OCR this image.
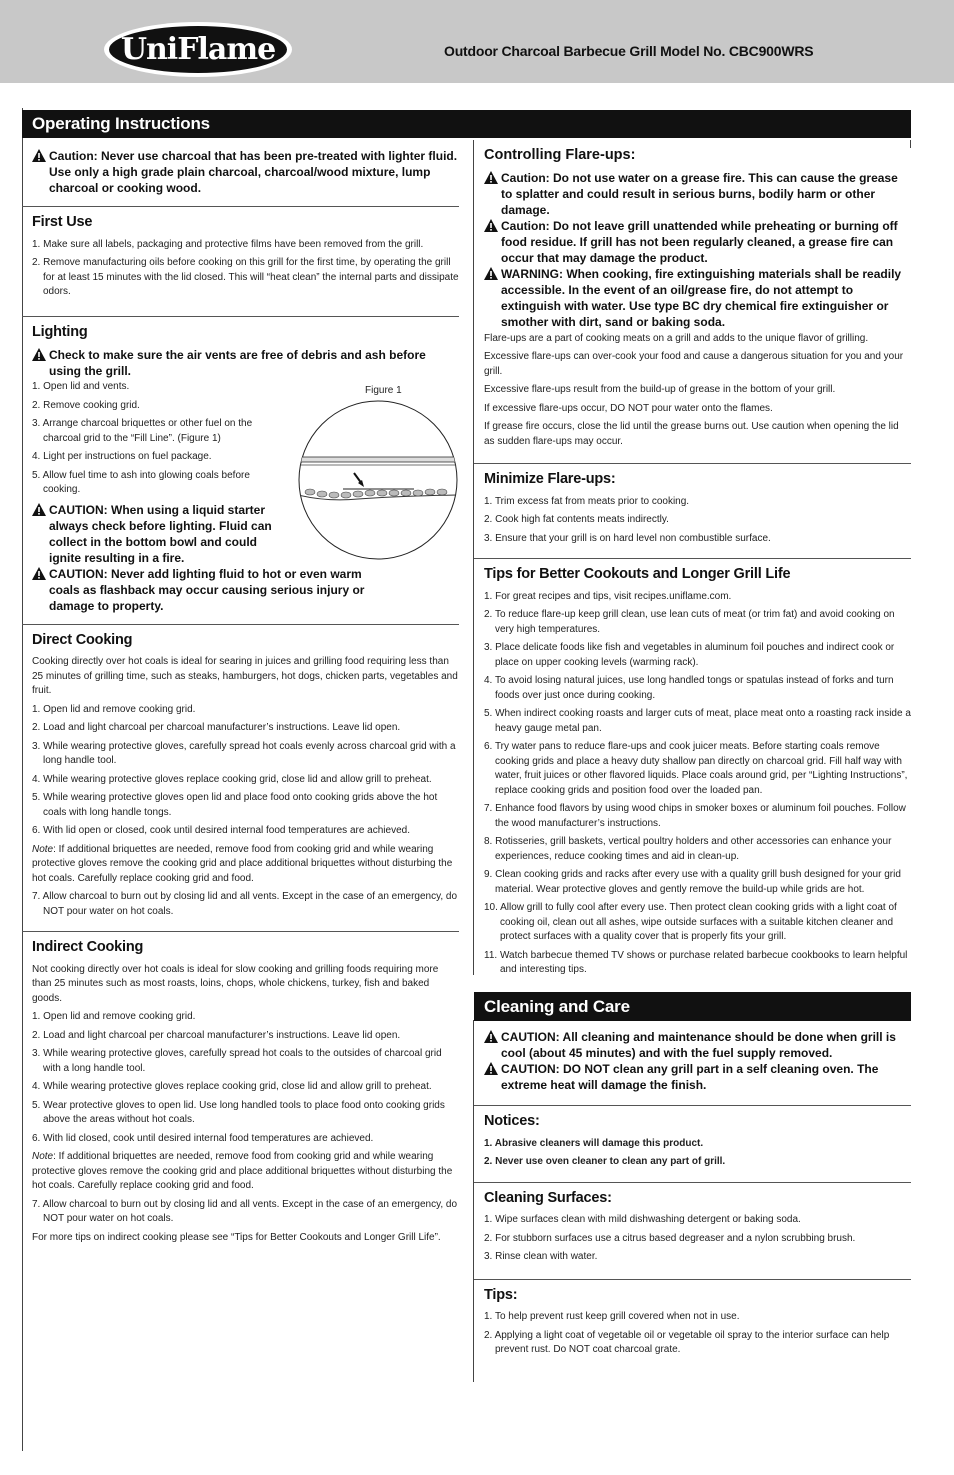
UniFlame	Outdoor Charcoal Barbecue Grill Model No. CBC900WRS
Operating Instructions
Cleaning and Care
Figure 1
Caution: Never use charcoal that has been pre-treated with lighter fluid. Use only a high grade plain charcoal, charcoal/wood mixture, lump charcoal or cooking wood.
First Use
1. Make sure all labels, packaging and protective films have been removed from the grill.
2. Remove manufacturing oils before cooking on this grill for the first time, by operating the grill for at least 15 minutes with the lid closed. This will “heat clean” the internal parts and dissipate odors.
Lighting
Check to make sure the air vents are free of debris and ash before using the grill.
1. Open lid and vents.
2. Remove cooking grid.
3. Arrange charcoal briquettes or other fuel on the charcoal grid to the “Fill Line”. (Figure 1)
4. Light per instructions on fuel package.
5. Allow fuel time to ash into glowing coals before cooking.
CAUTION: When using a liquid starter always check before lighting. Fluid can collect in the bottom bowl and could ignite resulting in a fire.
CAUTION: Never add lighting fluid to hot or even warm coals as flashback may occur causing serious injury or damage to property.
Direct Cooking

Cooking directly over hot coals is ideal for searing in juices and grilling food requiring less than 25 minutes of grilling time, such as steaks, hamburgers, hot dogs, chicken parts, vegetables and fruit.

1. Open lid and remove cooking grid.
2. Load and light charcoal per charcoal manufacturer’s instructions. Leave lid open.
3. While wearing protective gloves, carefully spread hot coals evenly across charcoal grid with a long handle tool.
4. While wearing protective gloves replace cooking grid, close lid and allow grill to preheat.
5. While wearing protective gloves open lid and place food onto cooking grids above the hot coals with long handle tongs.
6. With lid open or closed, cook until desired internal food temperatures are achieved.

Note: If additional briquettes are needed, remove food from cooking grid and while wearing protective gloves remove the cooking grid and place additional briquettes without disturbing the hot coals. Carefully replace cooking grid and food.

7. Allow charcoal to burn out by closing lid and all vents. Except in the case of an emergency, do NOT pour water on hot coals.
Indirect Cooking

Not cooking directly over hot coals is ideal for slow cooking and grilling foods requiring more than 25 minutes such as most roasts, loins, chops, whole chickens, turkey, fish and baked goods.

1. Open lid and remove cooking grid.
2. Load and light charcoal per charcoal manufacturer’s instructions. Leave lid open.
3. While wearing protective gloves, carefully spread hot coals to the outsides of charcoal grid with a long handle tool.
4. While wearing protective gloves replace cooking grid, close lid and allow grill to preheat.
5. Wear protective gloves to open lid. Use long handled tools to place food onto cooking grids above the areas without hot coals.
6. With lid closed, cook until desired internal food temperatures are achieved.

Note: If additional briquettes are needed, remove food from cooking grid and while wearing protective gloves remove the cooking grid and place additional briquettes without disturbing the hot coals. Carefully replace cooking grid and food.

7. Allow charcoal to burn out by closing lid and all vents. Except in the case of an emergency, do NOT pour water on hot coals.

For more tips on indirect cooking please see “Tips for Better Cookouts and Longer Grill Life”.

Controlling Flare-ups:
Caution: Do not use water on a grease fire. This can cause the grease to splatter and could result in serious burns, bodily harm or other damage.
Caution: Do not leave grill unattended while preheating or burning off food residue. If grill has not been regularly cleaned, a grease fire can occur that may damage the product.
WARNING: When cooking, fire extinguishing materials shall be readily accessible. In the event of an oil/grease fire, do not attempt to extinguish with water. Use type BC dry chemical fire extinguisher or smother with dirt, sand or baking soda.

Flare-ups are a part of cooking meats on a grill and adds to the unique flavor of grilling.

Excessive flare-ups can over-cook your food and cause a dangerous situation for you and your grill.

Excessive flare-ups result from the build-up of grease in the bottom of your grill.

If excessive flare-ups occur, DO NOT pour water onto the flames.

If grease fire occurs, close the lid until the grease burns out. Use caution when opening the lid as sudden flare-ups may occur.

Minimize Flare-ups:
1. Trim excess fat from meats prior to cooking.
2. Cook high fat contents meats indirectly.
3. Ensure that your grill is on hard level non combustible surface.
Tips for Better Cookouts and Longer Grill Life
1. For great recipes and tips, visit recipes.uniflame.com.
2. To reduce flare-up keep grill clean, use lean cuts of meat (or trim fat) and avoid cooking on very high temperatures.
3. Place delicate foods like fish and vegetables in aluminum foil pouches and indirect cook or place on upper cooking levels (warming rack).
4. To avoid losing natural juices, use long handled tongs or spatulas instead of forks and turn foods over just once during cooking.
5. When indirect cooking roasts and larger cuts of meat, place meat onto a roasting rack inside a heavy gauge metal pan.
6. Try water pans to reduce flare-ups and cook juicer meats. Before starting coals remove cooking grids and place a heavy duty shallow pan directly on charcoal grid. Fill half way with water, fruit juices or other flavored liquids. Place coals around grid, per “Lighting Instructions”, replace cooking grids and position food over the loaded pan.
7. Enhance food flavors by using wood chips in smoker boxes or aluminum foil pouches. Follow the wood manufacturer’s instructions.
8. Rotisseries, grill baskets, vertical poultry holders and other accessories can enhance your experiences, reduce cooking times and aid in clean-up.
9. Clean cooking grids and racks after every use with a quality grill bush designed for your grid material. Wear protective gloves and gently remove the build-up while grids are hot.
10. Allow grill to fully cool after every use. Then protect clean cooking grids with a light coat of cooking oil, clean out all ashes, wipe outside surfaces with a suitable kitchen cleaner and protect surfaces with a quality cover that is properly fits your grill.
11. Watch barbecue themed TV shows or purchase related barbecue cookbooks to learn helpful and interesting tips.
CAUTION: All cleaning and maintenance should be done when grill is cool (about 45 minutes) and with the fuel supply removed.
CAUTION: DO NOT clean any grill part in a self cleaning oven. The extreme heat will damage the finish.
Notices:
1. Abrasive cleaners will damage this product.
2. Never use oven cleaner to clean any part of grill.
Cleaning Surfaces:
1. Wipe surfaces clean with mild dishwashing detergent or baking soda.
2. For stubborn surfaces use a citrus based degreaser and a nylon scrubbing brush.
3. Rinse clean with water.
Tips:
1. To help prevent rust keep grill covered when not in use.
2. Applying a light coat of vegetable oil or vegetable oil spray to the interior surface can help prevent rust. Do NOT coat charcoal grate.
